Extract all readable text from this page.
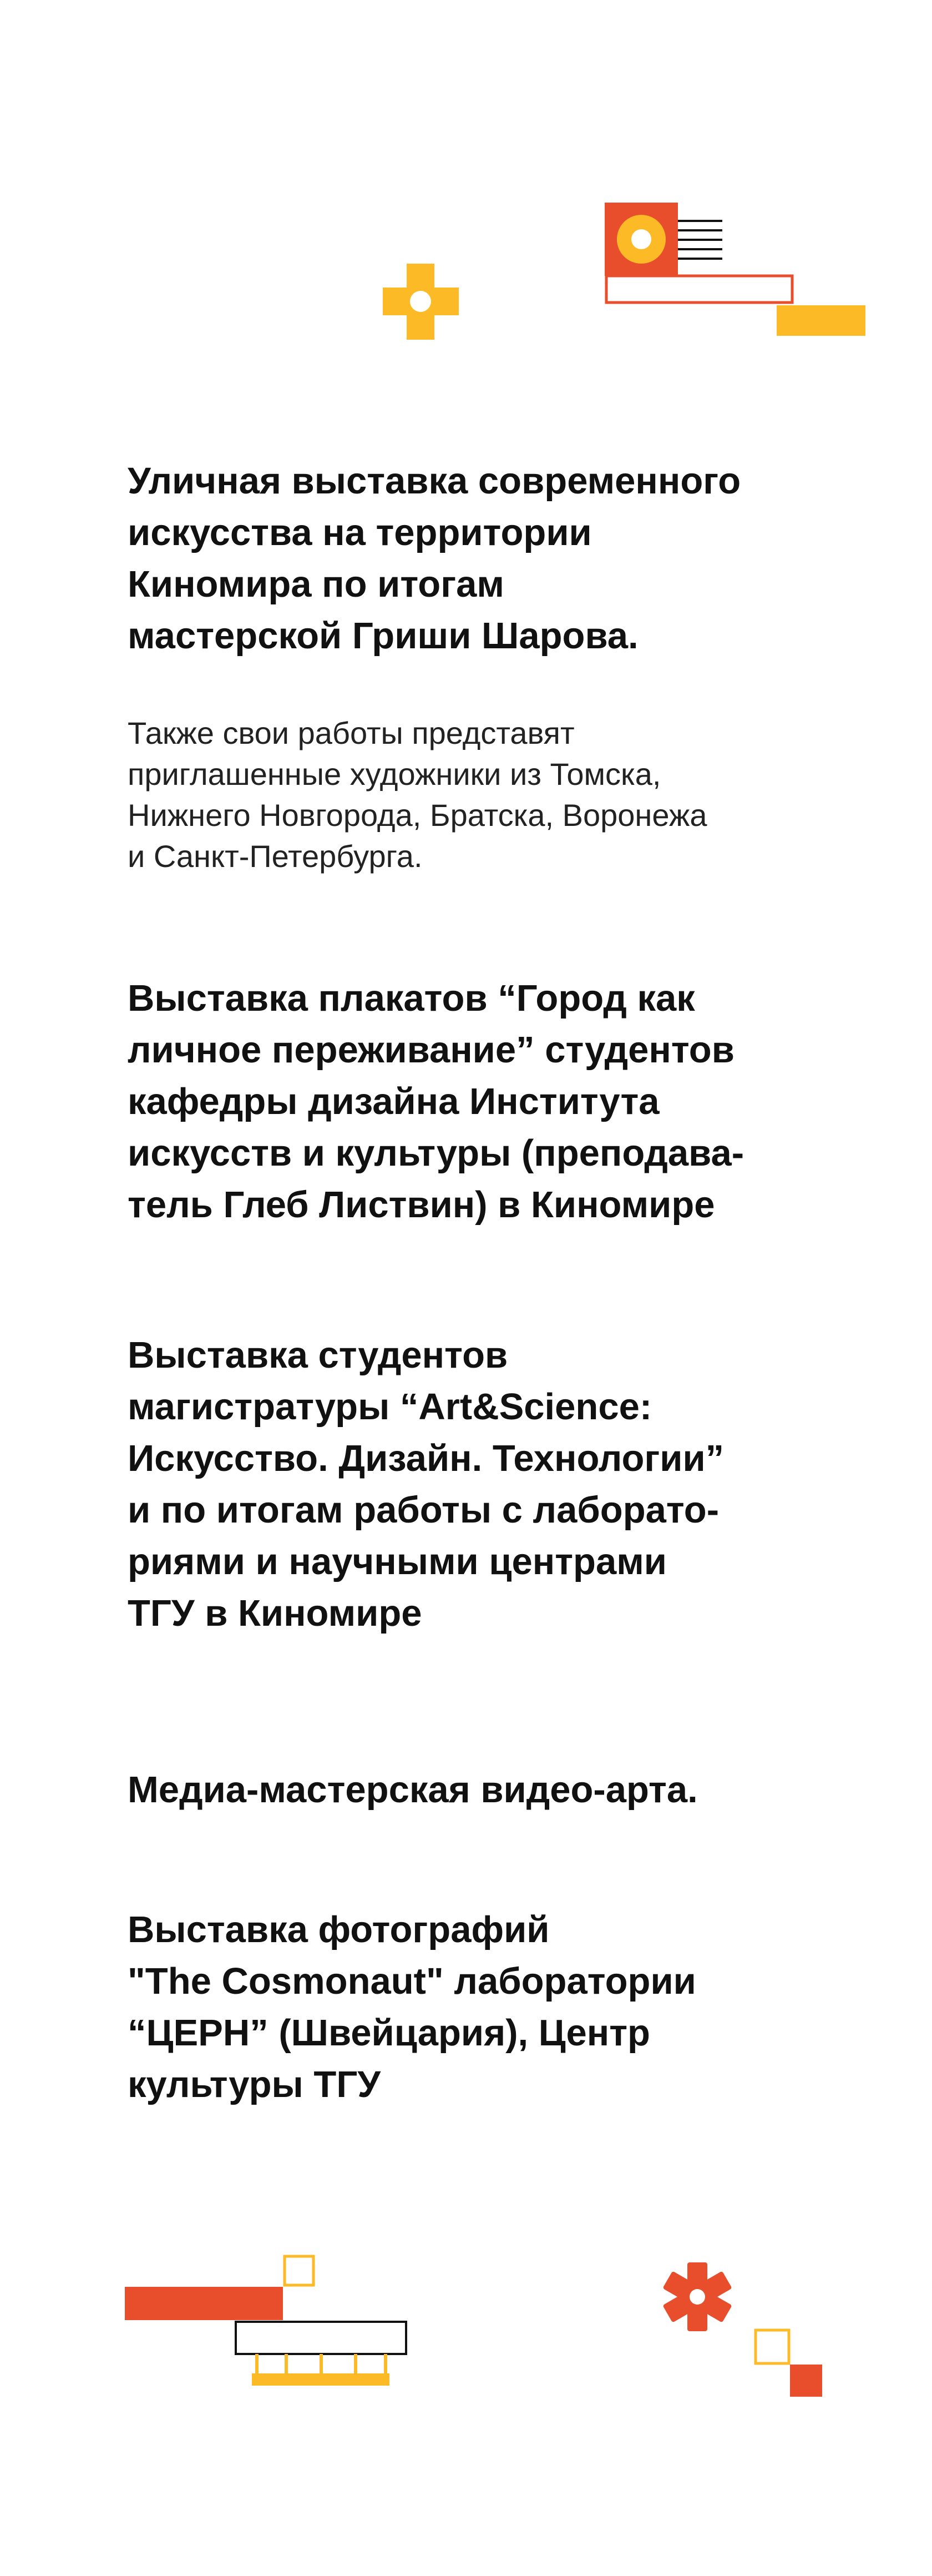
Уличная выставка современного
искусства на территории
Киномира по итогам
мастерской Гриши Шарова.

Также свои работы представят
приглашенные художники из Томска,
Нижнего Новгорода, Братска, Воронежа
и Санкт-Петербурга.

Выставка плакатов “Город как
личное переживание” студентов
кафедры дизайна Института
искусств и культуры (преподава-
тель Глеб Листвин) в Киномире
Выставка студентов
магистратуры “Art&Science:
Искусство. Дизайн. Технологии”
и по итогам работы с лаборато-
риями и научными центрами
ТГУ в Киномире
Медиа-мастерская видео-арта.
Выставка фотографий
"The Cosmonaut" лаборатории
“ЦЕРН” (Швейцария), Центр
культуры ТГУ
